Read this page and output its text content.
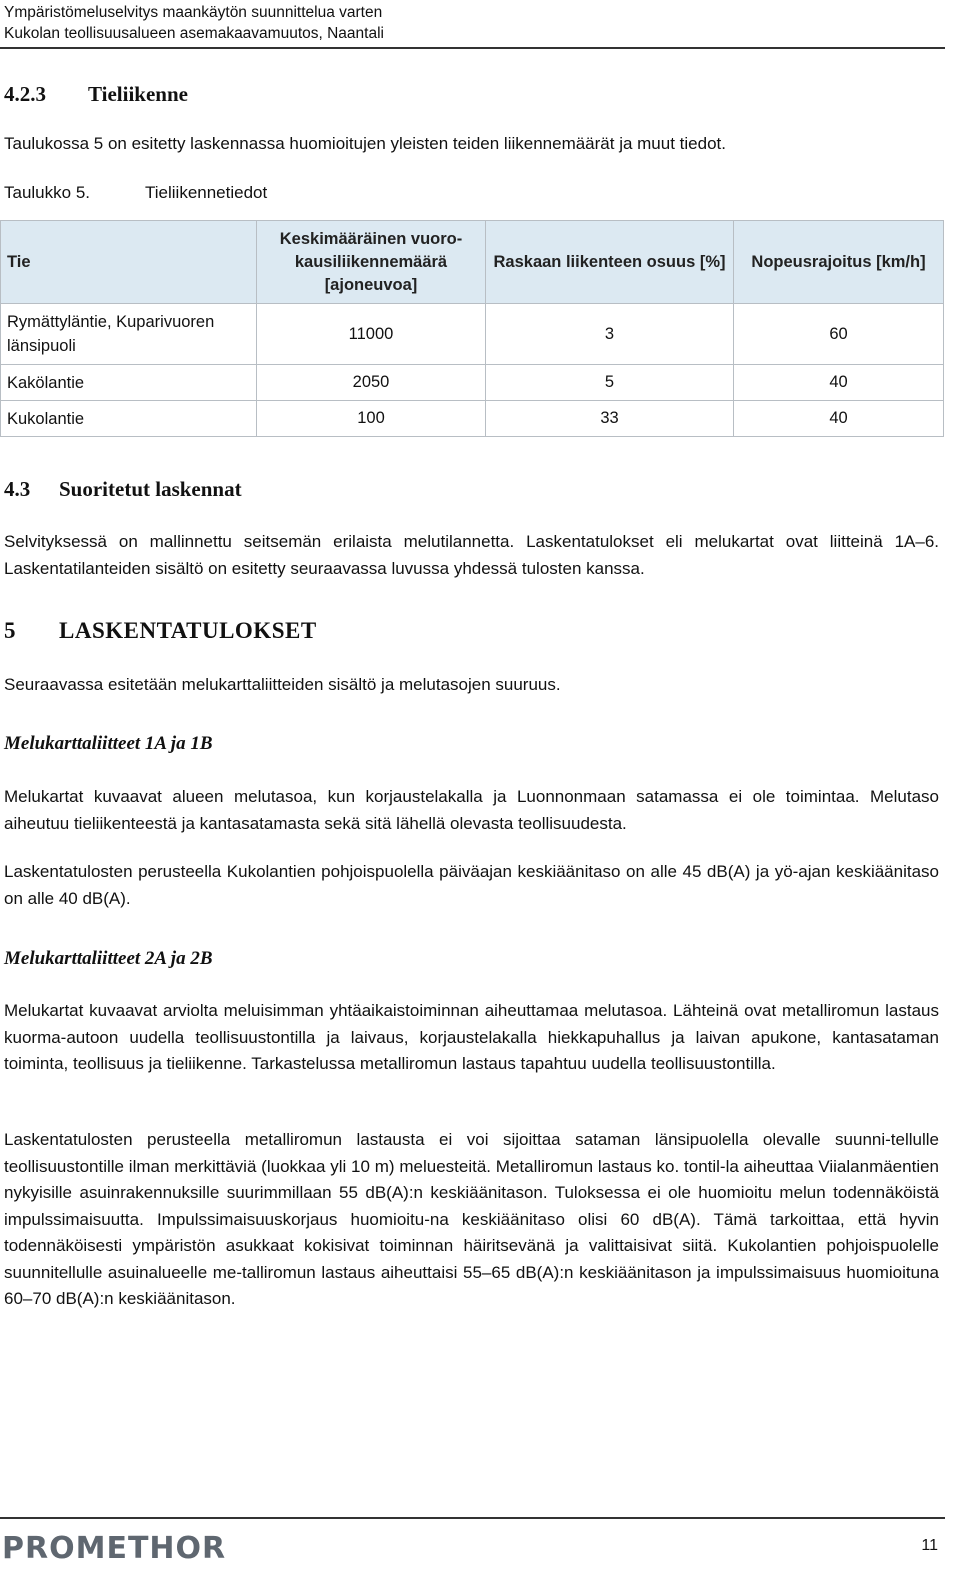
Ympäristömeluselvitys maankäytön suunnittelua varten
Kukolan teollisuusalueen asemakaavamuutos, Naantali
4.2.3 Tieliikenne
Taulukossa 5 on esitetty laskennassa huomioitujen yleisten teiden liikennemäärät ja muut tiedot.
Taulukko 5.	Tieliikennetiedot
Tie	Keskimääräinen vuoro-kausiliikennemäärä [ajoneuvoa]	Raskaan liikenteen osuus [%]	Nopeusrajoitus [km/h]
Rymättyläntie, Kuparivuoren länsipuoli	11000	3	60
Kakölantie	2050	5	40
Kukolantie	100	33	40
4.3 Suoritetut laskennat
Selvityksessä on mallinnettu seitsemän erilaista melutilannetta. Laskentatulokset eli melukartat ovat liitteinä 1A–6. Laskentatilanteiden sisältö on esitetty seuraavassa luvussa yhdessä tulosten kanssa.
5 LASKENTATULOKSET
Seuraavassa esitetään melukarttaliitteiden sisältö ja melutasojen suuruus.
Melukarttaliitteet 1A ja 1B
Melukartat kuvaavat alueen melutasoa, kun korjaustelakalla ja Luonnonmaan satamassa ei ole toimintaa. Melutaso aiheutuu tieliikenteestä ja kantasatamasta sekä sitä lähellä olevasta teollisuudesta.
Laskentatulosten perusteella Kukolantien pohjoispuolella päiväajan keskiäänitaso on alle 45 dB(A) ja yö-ajan keskiäänitaso on alle 40 dB(A).
Melukarttaliitteet 2A ja 2B
Melukartat kuvaavat arviolta meluisimman yhtäaikaistoiminnan aiheuttamaa melutasoa. Lähteinä ovat metalliromun lastaus kuorma-autoon uudella teollisuustontilla ja laivaus, korjaustelakalla hiekkapuhallus ja laivan apukone, kantasataman toiminta, teollisuus ja tieliikenne. Tarkastelussa metalliromun lastaus tapahtuu uudella teollisuustontilla.
Laskentatulosten perusteella metalliromun lastausta ei voi sijoittaa sataman länsipuolella olevalle suunni-tellulle teollisuustontille ilman merkittäviä (luokkaa yli 10 m) meluesteitä. Metalliromun lastaus ko. tontil-la aiheuttaa Viialanmäentien nykyisille asuinrakennuksille suurimmillaan 55 dB(A):n keskiäänitason. Tuloksessa ei ole huomioitu melun todennäköistä impulssimaisuutta. Impulssimaisuuskorjaus huomioitu-na keskiäänitaso olisi 60 dB(A). Tämä tarkoittaa, että hyvin todennäköisesti ympäristön asukkaat kokisivat toiminnan häiritsevänä ja valittaisivat siitä. Kukolantien pohjoispuolelle suunnitellulle asuinalueelle me-talliromun lastaus aiheuttaisi 55–65 dB(A):n keskiäänitason ja impulssimaisuus huomioituna 60–70 dB(A):n keskiäänitason.
PROMETHOR	11
